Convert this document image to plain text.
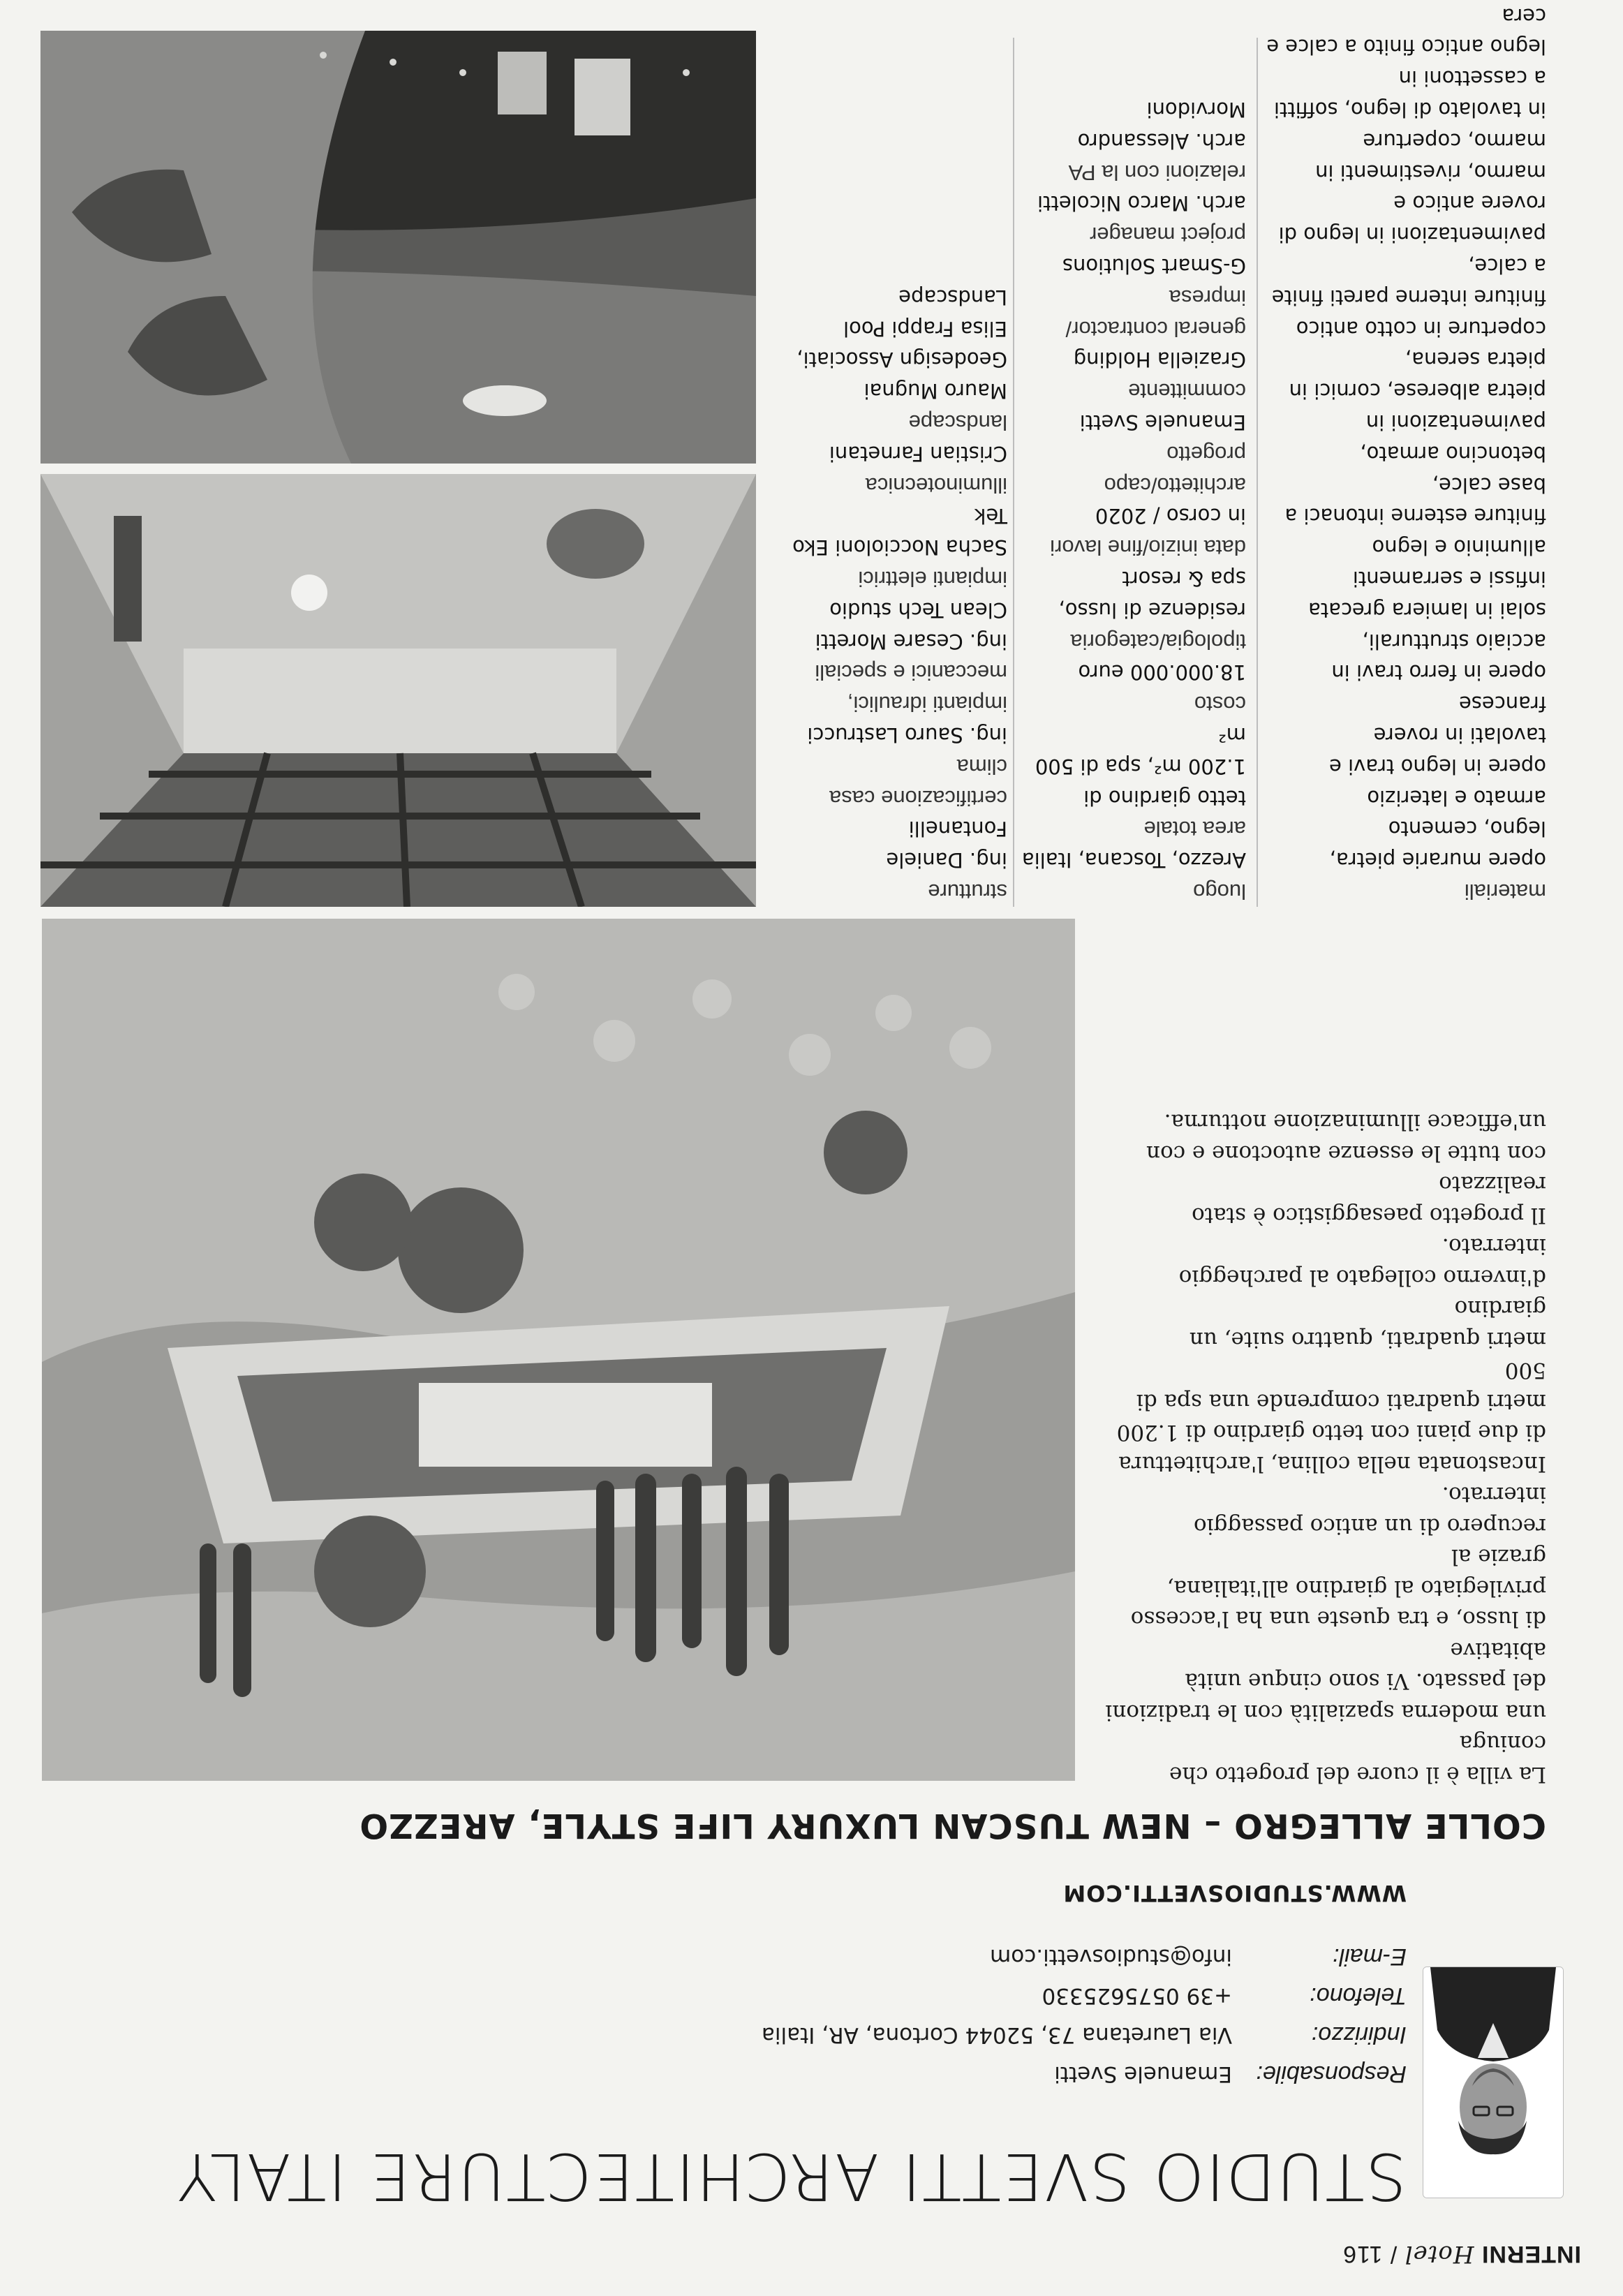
INTERNI Hotel / 116
STUDIO SVETTI ARCHITECTURE ITALY
Responsabile:
Emanuele Svetti
Indirizzo:
Via Lauretana 73, 52044 Cortona, AR, Italia
Telefono:
+39 0575625330
E-mail:
info@studiosvetti.com
WWW.STUDIOSVETTI.COM
COLLE ALLEGRO – NEW TUSCAN LUXURY LIFE STYLE, AREZZO
La villa è il cuore del progetto che coniuga
una moderna spazialità con le tradizioni
del passato. Vi sono cinque unità abitative
di lusso, e tra queste una ha l'accesso
privilegiato al giardino all'italiana, grazie al
recupero di un antico passaggio interrato.
Incastonata nella collina, l'architettura
di due piani con tetto giardino di 1.200
metri quadrati comprende una spa di 500
metri quadrati, quattro suite, un giardino
d'inverno collegato al parcheggio interrato.
Il progetto paesaggistico è stato realizzato
con tutte le essenze autoctone e con
un'efficace illuminazione notturna.
materiali
opere murarie pietra, legno, cemento
armato e laterizio
opere in legno travi e tavolati in rovere
francese
opere in ferro travi in acciaio strutturali,
solai in lamiera grecata
infissi e serramenti alluminio e legno
finiture esterne intonaci a base calce,
betoncino armato, pavimentazioni in
pietra alberese, cornici in pietra serena,
coperture in cotto antico
finiture interne pareti finite a calce,
pavimentazioni in legno di rovere antico e
marmo, rivestimenti in marmo, coperture
in tavolato di legno, soffitti a cassettoni in
legno antico finito a calce e cera
luogo
Arezzo, Toscana, Italia
area totale
tetto giardino di
1.200 m², spa di 500 m²
costo
18.000.000 euro
tipologia/categoria
residenze di lusso,
spa & resort
data inizio/fine lavori
in corso / 2020
architetto/capo progetto
Emanuele Svetti
committente
Graziella Holding
general contractor/ impresa
G-Smart Solutions
project manager
arch. Marco Nicoletti
relazioni con la PA
arch. Alessandro
Morvidoni
strutture
ing. Daniele Fontanelli
certificazione casa clima
ing. Sauro Lastrucci
impianti idraulici, meccanici e speciali
ing. Cesare Moretti
Clean Tech studio
impianti elettrici
Sacha Noccioloni Eko
Tek
illuminotecnica
Cristian Farnetani
landscape
Mauro Mugnai
Geodesign Associati,
Elisa Frappi Pool
Landscape
